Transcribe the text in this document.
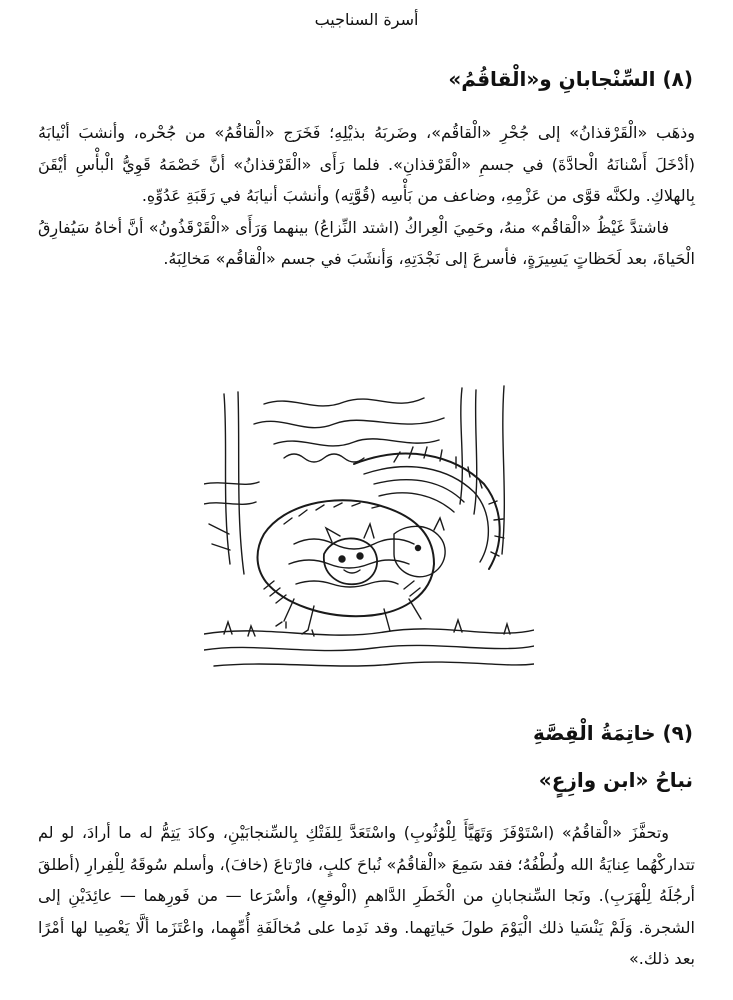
أسرة السناجيب
(٨) السِّنْجابانِ و«الْقاقُمُ»

وذهَب «الْقَرْقذانُ» إلى جُحْرِ «الْقاقُم»، وضَربَهُ بذيْلِهِ؛ فَخَرَج «الْقاقُمُ» من جُحْره، وأنشبَ أنْيابَهُ (أدْخَلَ أَسْنانَهُ الْحادَّةَ) في جسمِ «الْقَرْقذانِ». فلما رَأَى «الْقَرْقذانُ» أنَّ خَصْمَهُ قَوِيُّ الْبأْسِ أيْقَنَ بِالهلاكِ. ولكنَّه قوَّى من عَزْمِهِ، وضاعف من بَأْسِه (قُوَّتِه) وأنشبَ أنيابَهُ في رَقَبَةِ عَدُوِّهِ.

فاشتدَّ غَيْظُ «الْقاقُم» منهُ، وحَمِيَ الْعِراكُ (اشتد النِّزاعُ) بينهما وَرَأَى «الْقَرْقَذُونُ» أنَّ أخاهُ سَيُفارِقُ الْحَياةَ، بعد لَحَظاتٍ يَسِيرَةٍ، فأسرعَ إلى نَجْدَتِهِ، وَأنشَبَ في جسم «الْقاقُم» مَخالِبَهُ.

(٩) خاتِمَةُ الْقِصَّةِ
نباحُ «ابن وازِعٍ»

وتحفَّزَ «الْقاقُمُ» (اسْتَوْفَزَ وَتَهَيَّأَ لِلْوُثُوبِ) واسْتَعَدَّ لِلفَتْكِ بِالسِّنجابَيْنِ، وكادَ يَتِمُّ له ما أرادَ، لو لم تتداركْهُما عِنايَةُ الله ولُطْفُهُ؛ فقد سَمِعَ «الْقاقُمُ» نُباحَ كلبٍ، فارْتاعَ (خافَ)، وأسلم سُوقَهُ لِلْفِرارِ (أطلقَ أرجُلَهُ لِلْهَرَبِ). ونَجا السِّنجابانِ من الْخَطَرِ الدَّاهمِ (الْوقعِ)، وأسْرَعا — من فَورِهما — عائِدَيْنِ إلى الشجرة. وَلَمْ يَنْسَيا ذلك الْيَوْمَ طولَ حَياتِهما. وقد نَدِما على مُخالَفَةِ أُمِّهِما، واعْتَزَما ألَّا يَعْصِيا لها أمْرًا بعد ذلك.»
